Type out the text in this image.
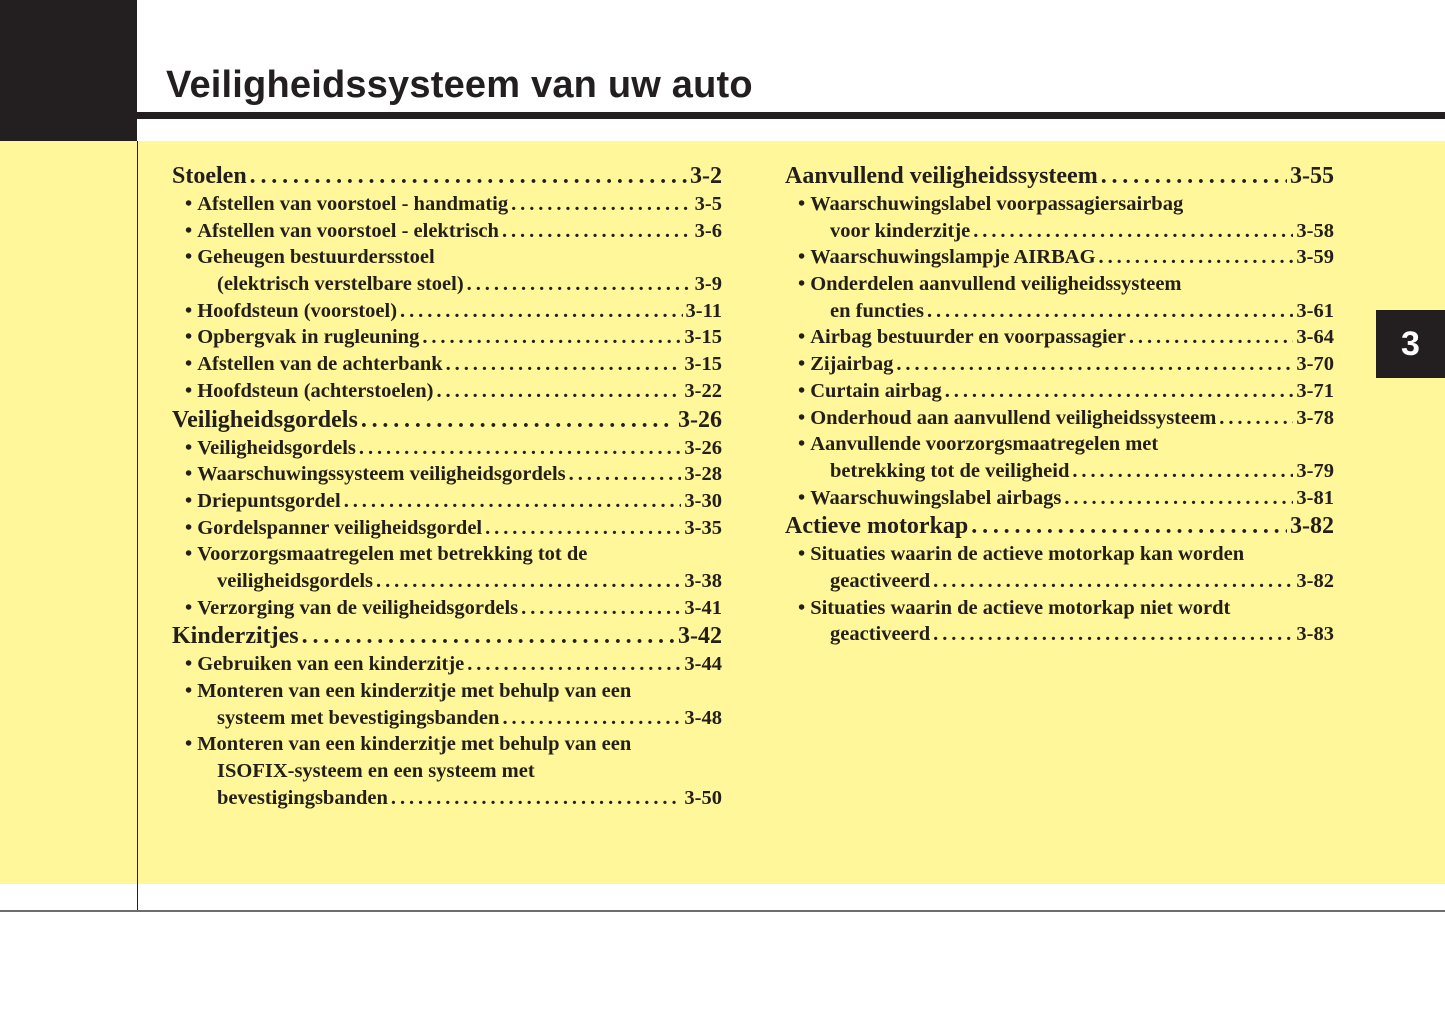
Veiligheidssysteem van uw auto
3
Stoelen . . .	3-2
• Afstellen van voorstoel - handmatig . . .	3-5
• Afstellen van voorstoel - elektrisch . . .	3-6
• Geheugen bestuurdersstoel
(elektrisch verstelbare stoel) . . .	3-9
• Hoofdsteun (voorstoel) . . .	3-11
• Opbergvak in rugleuning . . .	3-15
• Afstellen van de achterbank . . .	3-15
• Hoofdsteun (achterstoelen) . . .	3-22
Veiligheidsgordels . . .	3-26
• Veiligheidsgordels . . .	3-26
• Waarschuwingssysteem veiligheidsgordels . . .	3-28
• Driepuntsgordel . . .	3-30
• Gordelspanner veiligheidsgordel . . .	3-35
• Voorzorgsmaatregelen met betrekking tot de
veiligheidsgordels . . .	3-38
• Verzorging van de veiligheidsgordels . . .	3-41
Kinderzitjes . . .	3-42
• Gebruiken van een kinderzitje . . .	3-44
• Monteren van een kinderzitje met behulp van een
systeem met bevestigingsbanden . . .	3-48
• Monteren van een kinderzitje met behulp van een
ISOFIX-systeem en een systeem met
bevestigingsbanden . . .	3-50
Aanvullend veiligheidssysteem . . .	3-55
• Waarschuwingslabel voorpassagiersairbag
voor kinderzitje . . .	3-58
• Waarschuwingslampje AIRBAG . . .	3-59
• Onderdelen aanvullend veiligheidssysteem
en functies . . .	3-61
• Airbag bestuurder en voorpassagier . . .	3-64
• Zijairbag . . .	3-70
• Curtain airbag . . .	3-71
• Onderhoud aan aanvullend veiligheidssysteem . . .	3-78
• Aanvullende voorzorgsmaatregelen met
betrekking tot de veiligheid . . .	3-79
• Waarschuwingslabel airbags . . .	3-81
Actieve motorkap . . .	3-82
• Situaties waarin de actieve motorkap kan worden
geactiveerd . . .	3-82
• Situaties waarin de actieve motorkap niet wordt
geactiveerd . . .	3-83
